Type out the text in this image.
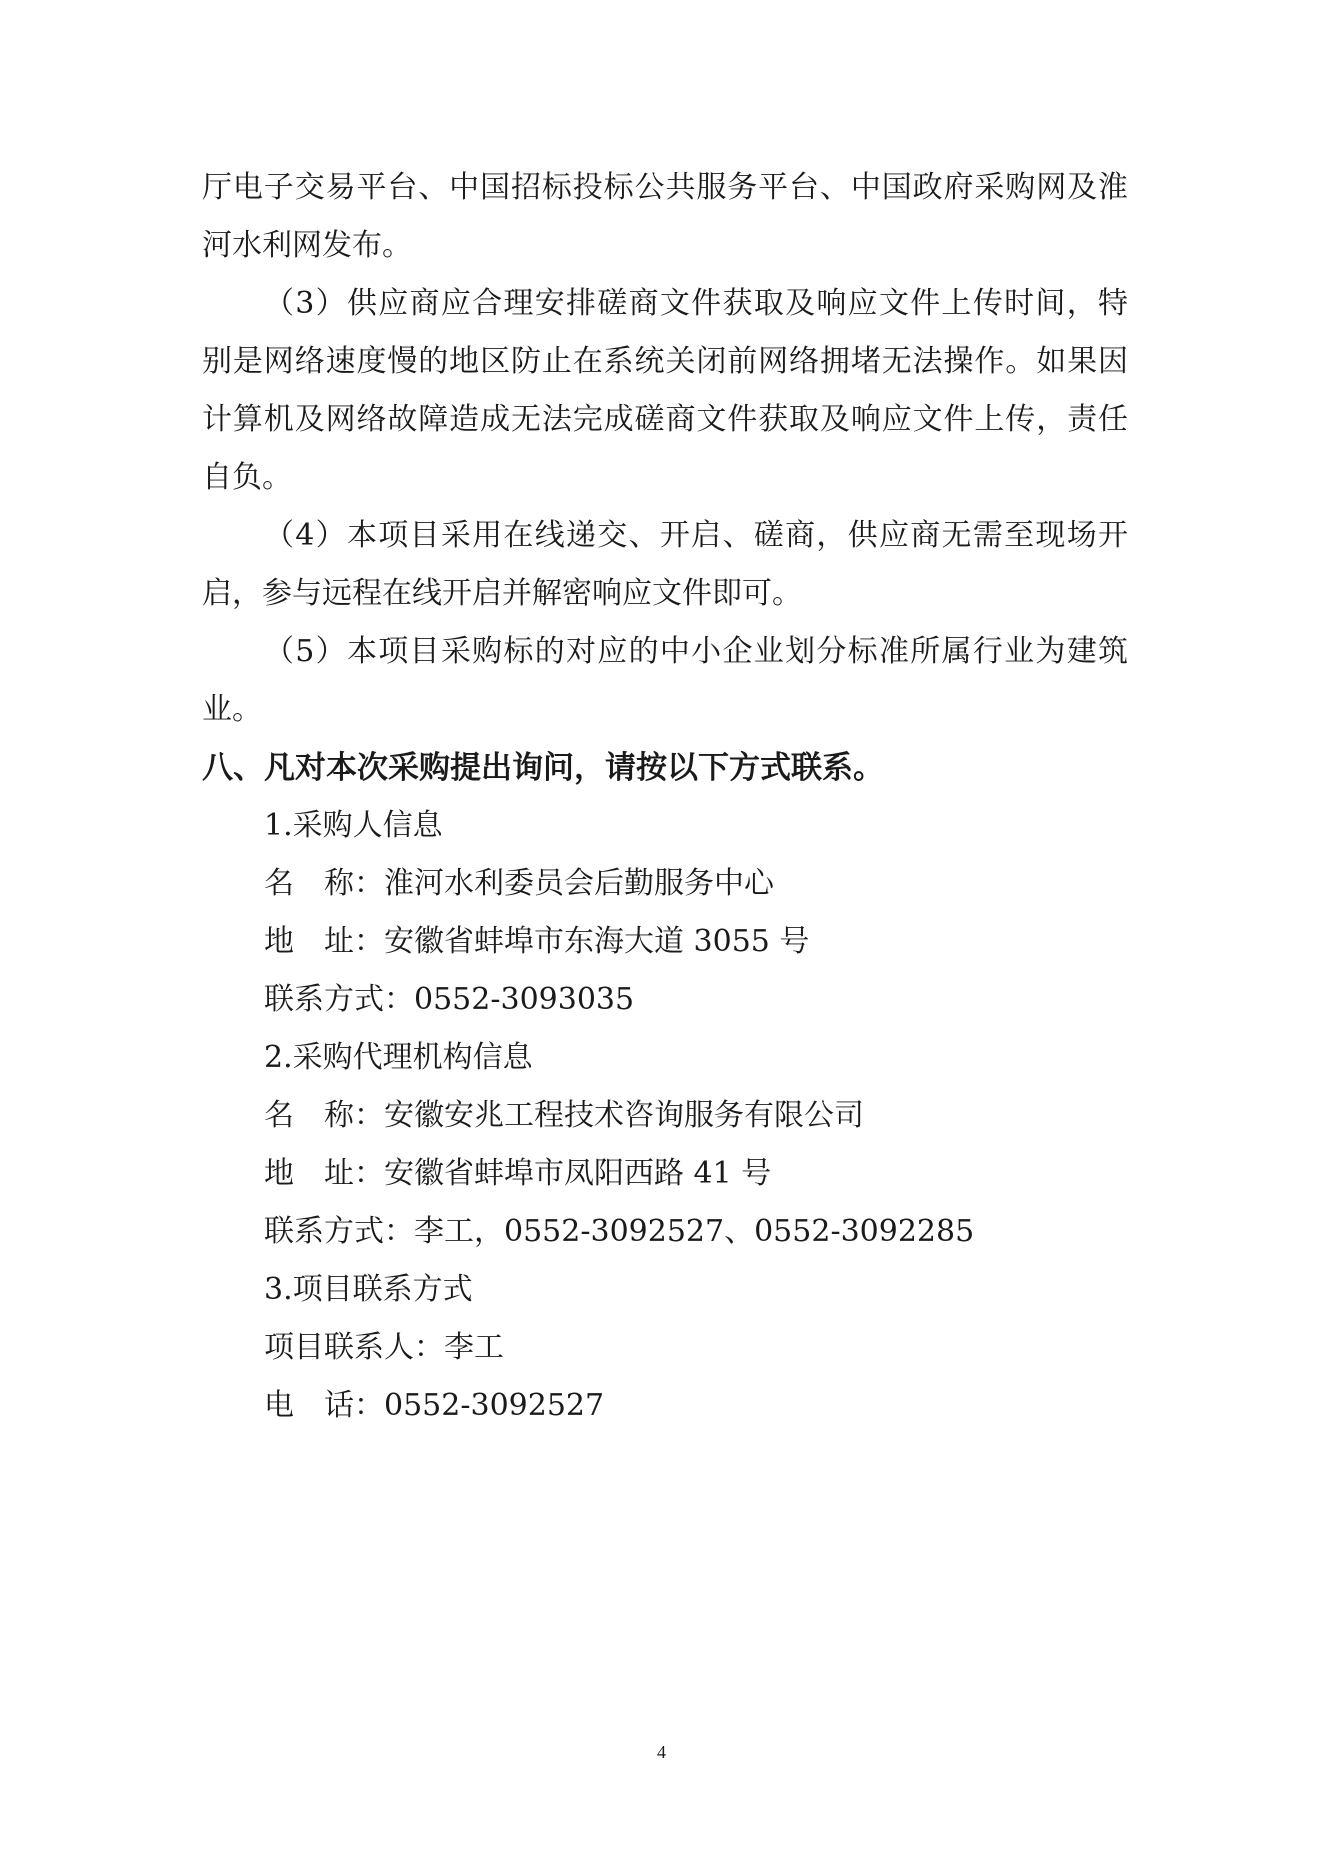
厅电子交易平台、中国招标投标公共服务平台、中国政府采购网及淮
河水利网发布。
（3）供应商应合理安排磋商文件获取及响应文件上传时间，特
别是网络速度慢的地区防止在系统关闭前网络拥堵无法操作。如果因
计算机及网络故障造成无法完成磋商文件获取及响应文件上传，责任
自负。
（4）本项目采用在线递交、开启、磋商，供应商无需至现场开
启，参与远程在线开启并解密响应文件即可。
（5）本项目采购标的对应的中小企业划分标准所属行业为建筑
业。
八、凡对本次采购提出询问，请按以下方式联系。
1.采购人信息
名　称：淮河水利委员会后勤服务中心
地　址：安徽省蚌埠市东海大道 3055 号
联系方式：0552-3093035
2.采购代理机构信息
名　称：安徽安兆工程技术咨询服务有限公司
地　址：安徽省蚌埠市凤阳西路 41 号
联系方式：李工，0552-3092527、0552-3092285
3.项目联系方式
项目联系人：李工
电　话：0552-3092527
4
